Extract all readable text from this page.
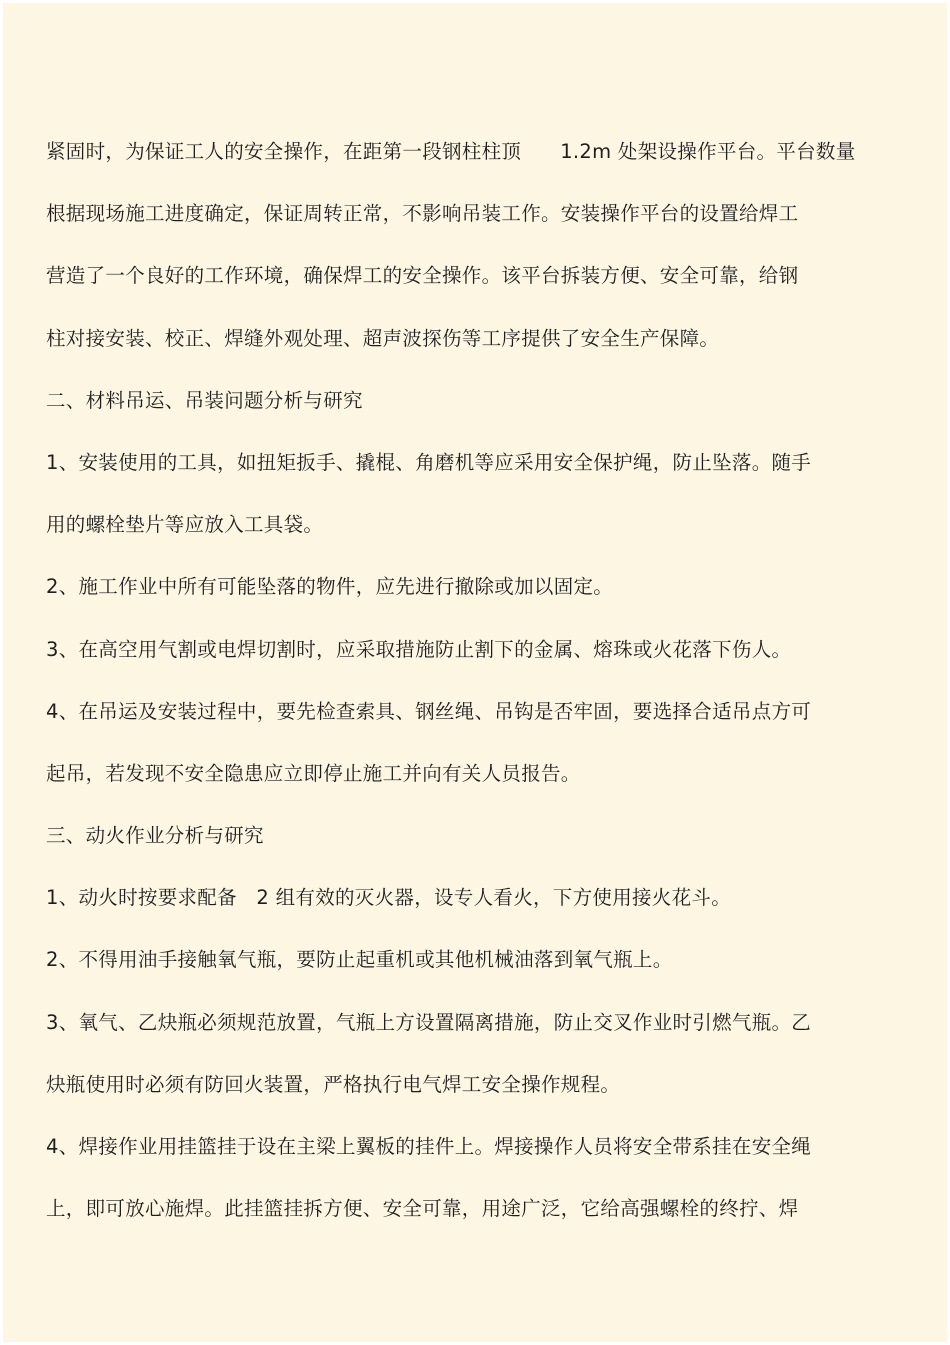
紧固时，为保证工人的安全操作，在距第一段钢柱柱顶      1.2m 处架设操作平台。平台数量

根据现场施工进度确定，保证周转正常，不影响吊装工作。安装操作平台的设置给焊工

营造了一个良好的工作环境，确保焊工的安全操作。该平台拆装方便、安全可靠，给钢

柱对接安装、校正、焊缝外观处理、超声波探伤等工序提供了安全生产保障。

二、材料吊运、吊装问题分析与研究

1、安装使用的工具，如扭矩扳手、撬棍、角磨机等应采用安全保护绳，防止坠落。随手

用的螺栓垫片等应放入工具袋。

2、施工作业中所有可能坠落的物件，应先进行撤除或加以固定。

3、在高空用气割或电焊切割时，应采取措施防止割下的金属、熔珠或火花落下伤人。

4、在吊运及安装过程中，要先检查索具、钢丝绳、吊钩是否牢固，要选择合适吊点方可

起吊，若发现不安全隐患应立即停止施工并向有关人员报告。

三、动火作业分析与研究

1、动火时按要求配备   2 组有效的灭火器，设专人看火，下方使用接火花斗。

2、不得用油手接触氧气瓶，要防止起重机或其他机械油落到氧气瓶上。

3、氧气、乙炔瓶必须规范放置，气瓶上方设置隔离措施，防止交叉作业时引燃气瓶。乙

炔瓶使用时必须有防回火装置，严格执行电气焊工安全操作规程。

4、焊接作业用挂篮挂于设在主梁上翼板的挂件上。焊接操作人员将安全带系挂在安全绳

上，即可放心施焊。此挂篮挂拆方便、安全可靠，用途广泛，它给高强螺栓的终拧、焊
